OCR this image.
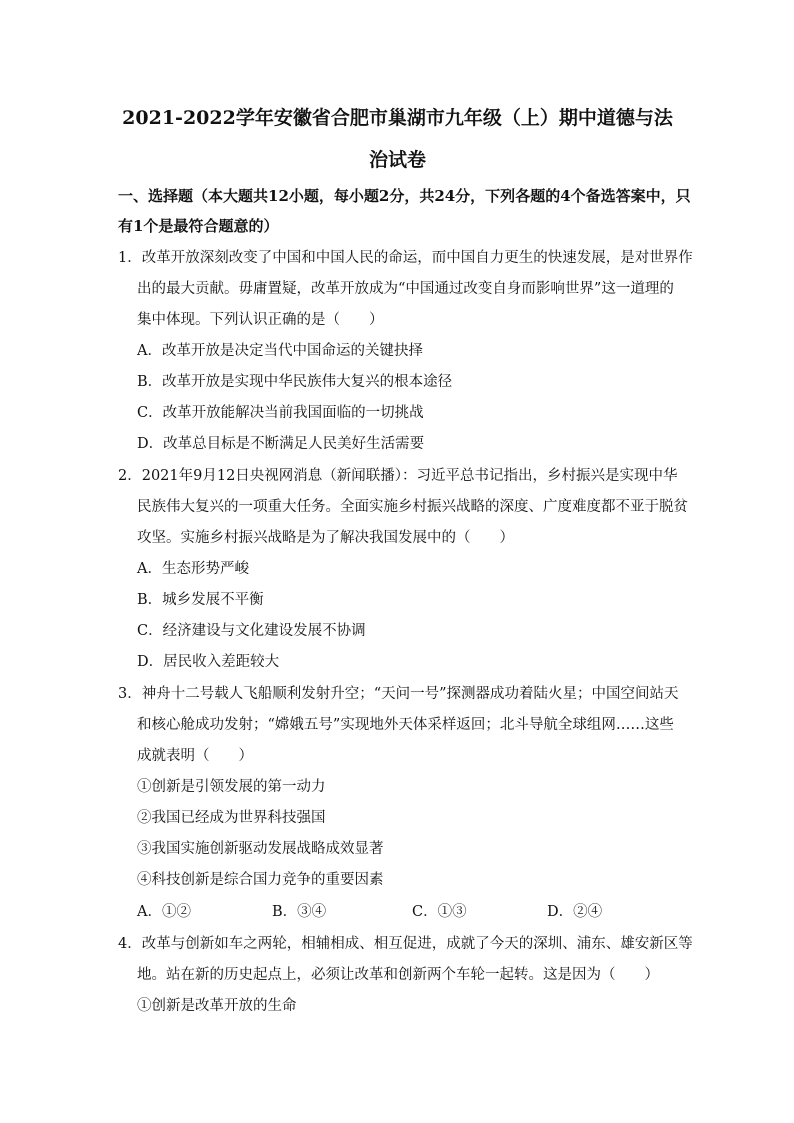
2021-2022学年安徽省合肥市巢湖市九年级（上）期中道德与法
治试卷
一、选择题（本大题共12小题，每小题2分，共24分，下列各题的4个备选答案中，只
有1个是最符合题意的）
1．改革开放深刻改变了中国和中国人民的命运，而中国自力更生的快速发展，是对世界作
出的最大贡献。毋庸置疑，改革开放成为“中国通过改变自身而影响世界”这一道理的
集中体现。下列认识正确的是（　　）
A．改革开放是决定当代中国命运的关键抉择
B．改革开放是实现中华民族伟大复兴的根本途径
C．改革开放能解决当前我国面临的一切挑战
D．改革总目标是不断满足人民美好生活需要
2．2021年9月12日央视网消息（新闻联播）：习近平总书记指出，乡村振兴是实现中华
民族伟大复兴的一项重大任务。全面实施乡村振兴战略的深度、广度难度都不亚于脱贫
攻坚。实施乡村振兴战略是为了解决我国发展中的（　　）
A．生态形势严峻
B．城乡发展不平衡
C．经济建设与文化建设发展不协调
D．居民收入差距较大
3．神舟十二号载人飞船顺利发射升空；“天问一号”探测器成功着陆火星；中国空间站天
和核心舱成功发射；“嫦娥五号”实现地外天体采样返回；北斗导航全球组网……这些
成就表明（　　）
①创新是引领发展的第一动力
②我国已经成为世界科技强国
③我国实施创新驱动发展战略成效显著
④科技创新是综合国力竞争的重要因素
A．①②	B．③④	C．①③	D．②④
4．改革与创新如车之两轮，相辅相成、相互促进，成就了今天的深圳、浦东、雄安新区等
地。站在新的历史起点上，必须让改革和创新两个车轮一起转。这是因为（　　）
①创新是改革开放的生命
